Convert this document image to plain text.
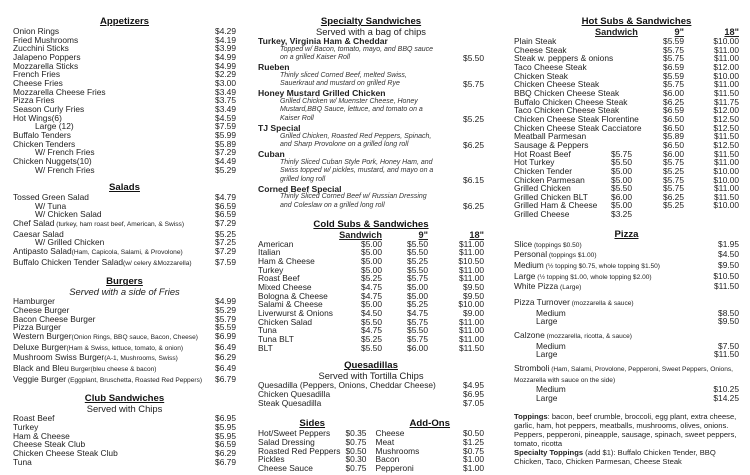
Appetizers
Onion Rings	$4.29
Fried Mushrooms	$4.19
Zucchini Sticks	$3.99
Jalapeno Poppers	$4.99
Mozzarella Sticks	$4.99
French Fries	$2.29
Cheese Fries	$3.00
Mozzarella Cheese Fries	$3.49
Pizza Fries	$3.75
Season Curly Fries	$3.49
Hot Wings(6)	$4.59
Large (12)	$7.59
Buffalo Tenders	$5.99
Chicken Tenders	$5.89
W/ French Fries	$7.29
Chicken Nuggets(10)	$4.49
W/ French Fries	$5.29
Salads
Tossed Green Salad	$4.79
W/ Tuna	$6.59
W/ Chicken Salad	$6.59
Chef Salad (turkey, ham roast beef, American, & Swiss)	$7.29
Caesar Salad	$5.25
W/ Grilled Chicken	$7.25
Antipasto Salad(Ham, Capicola, Salami, & Provolone)	$7.29
Buffalo Chicken Tender Salad(w/ celery &Mozzarella)	$7.59
Burgers
Served with a side of Fries
Hamburger	$4.99
Cheese Burger	$5.29
Bacon Cheese Burger	$5.79
Pizza Burger	$5.59
Western Burger(Onion Rings, BBQ sauce, Bacon, Cheese) $6.99
Deluxe Burger(Ham & Swiss, lettuce, tomato, & onion)	$6.49
Mushroom Swiss Burger(A-1, Mushrooms, Swiss)	$6.29
Black and Bleu Burger(bleu cheese & bacon)	$6.49
Veggie Burger (Eggplant, Bruschetta, Roasted Red Peppers) $6.79
Club Sandwiches
Served with Chips
Roast Beef	$6.95
Turkey	$5.95
Ham & Cheese	$5.95
Cheese Steak Club	$6.59
Chicken Cheese Steak Club	$6.29
Tuna	$6.79
Specialty Sandwiches
Served with a bag of chips
Turkey, Virginia Ham & Cheddar
Topped w/ Bacon, tomato, mayo, and BBQ sauce on a grilled Kaiser Roll	$5.50
Rueben
Thinly sliced Corned Beef, melted Swiss, Sauerkraut and mustard on grilled Rye	$5.75
Honey Mustard Grilled Chicken
Grilled Chicken w/ Muenster Cheese, Honey Mustard,BBQ Sauce, lettuce, and tomato on a Kaiser Roll	$5.25
TJ Special
Grilled Chicken, Roasted Red Peppers, Spinach, and Sharp Provolone on a grilled long roll	$6.25
Cuban
Thinly Sliced Cuban Style Pork, Honey Ham, and Swiss topped w/ pickles, mustard, and mayo on a grilled long roll	$6.15
Corned Beef Special
Thinly Sliced Corned Beef w/ Russian Dressing and Coleslaw on a grilled long roll	$6.25
Cold Subs & Sandwiches
Sandwich	9"	18"
American	$5.00	$5.50	$11.00
Italian	$5.00	$5.50	$11.00
Ham & Cheese	$5.00	$5.25	$10.50
Turkey	$5.00	$5.50	$11.00
Roast Beef	$5.25	$5.75	$11.00
Mixed Cheese	$4.75	$5.00	$9.50
Bologna & Cheese	$4.75	$5.00	$9.50
Salami & Cheese	$5.00	$5.25	$10.00
Liverwurst & Onions	$4.50	$4.75	$9.00
Chicken Salad	$5.50	$5.75	$11.00
Tuna	$4.75	$5.50	$11.00
Tuna BLT	$5.25	$5.75	$11.00
BLT	$5.50	$6.00	$11.50
Quesadillas
Served with Tortilla Chips
Quesadilla (Peppers, Onions, Cheddar Cheese)	$4.95
Chicken Quesadilla	$6.95
Steak Quesadilla	$7.05
Sides
Hot/Sweet Peppers $0.35
Salad Dressing	$0.75
Roasted Red Peppers $0.50
Pickles	$0.30
Cheese Sauce	$0.75
Add-Ons
Cheese	$0.50
Meat	$1.25
Mushrooms	$0.75
Bacon	$1.00
Pepperoni	$1.00
Hot Subs & Sandwiches
Sandwich	9"	18"
Plain Steak	$5.59	$10.00
Cheese Steak	$5.75	$11.00
Steak w. peppers & onions	$5.75	$11.00
Taco Cheese Steak	$6.59	$12.00
Chicken Steak	$5.59	$10.00
Chicken Cheese Steak	$5.75	$11.00
BBQ Chicken Cheese Steak	$6.00	$11.50
Buffalo Chicken Cheese Steak	$6.25	$11.75
Taco Chicken Cheese Steak	$6.59	$12.00
Chicken Cheese Steak Florentine	$6.50	$12.50
Chicken Cheese Steak Cacciatore	$6.50	$12.50
Meatball Parmesan	$5.89	$11.50
Sausage & Peppers	$6.50	$12.50
Hot Roast Beef	$5.75	$6.00	$11.50
Hot Turkey	$5.50	$5.75	$11.00
Chicken Tender	$5.00	$5.25	$10.00
Chicken Parmesan	$5.00	$5.75	$10.00
Grilled Chicken	$5.50	$5.75	$11.00
Grilled Chicken BLT	$6.00	$6.25	$11.50
Grilled Ham & Cheese	$5.00	$5.25	$10.00
Grilled Cheese	$3.25
Pizza
Slice (toppings $0.50)	$1.95
Personal (toppings $1.00)	$4.50
Medium (½ topping $0.75, whole topping $1.50)	$9.50
Large (½ topping $1.00, whole topping $2.00)	$10.50
White Pizza (Large)	$11.50
Pizza Turnover (mozzarella & sauce)
Medium	$8.50
Large	$9.50
Calzone (mozzarella, ricotta, & sauce)
Medium	$7.50
Large	$11.50
Stromboli (Ham, Salami, Provolone, Pepperoni, Sweet Peppers, Onions, Mozzarella with sauce on the side)
Medium	$10.25
Large	$14.25
Toppings: bacon, beef crumble, broccoli, egg plant, extra cheese, garlic, ham, hot peppers, meatballs, mushrooms, olives, onions. Peppers, pepperoni, pineapple, sausage, spinach, sweet peppers, tomato, ricotta
Specialty Toppings (add $1): Buffalo Chicken Tender, BBQ Chicken, Taco, Chicken Parmesan, Cheese Steak
